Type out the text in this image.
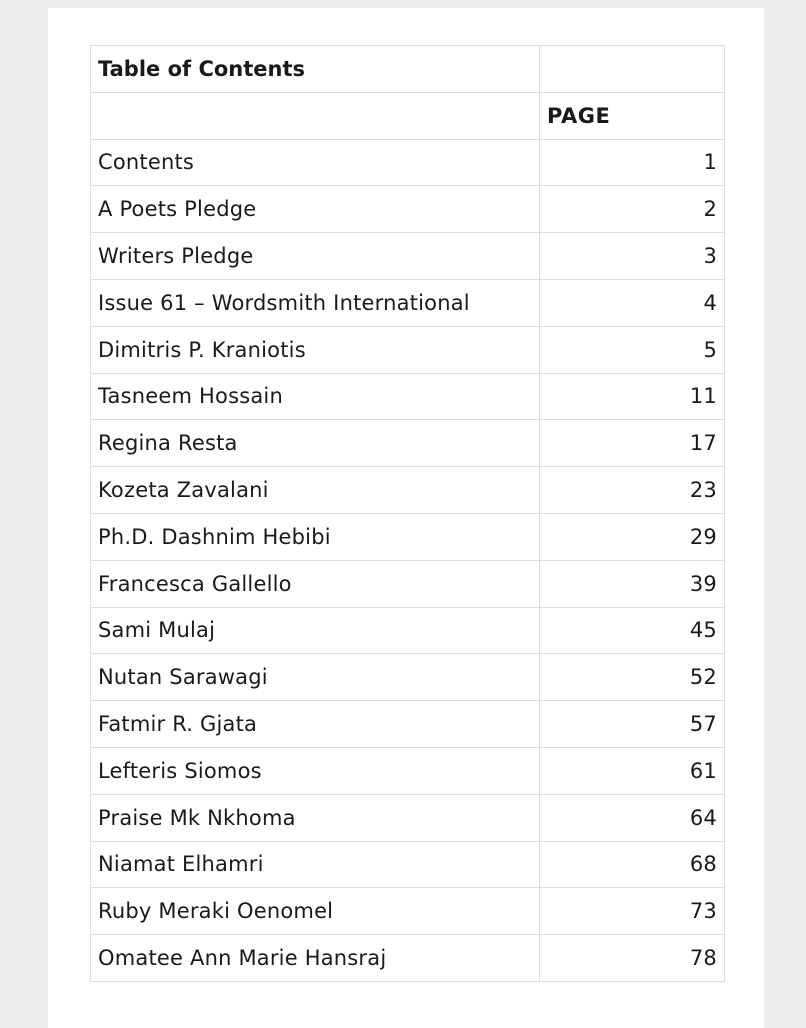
Table of Contents	
	PAGE
Contents	1
A Poets Pledge	2
Writers Pledge	3
Issue 61 – Wordsmith International	4
Dimitris P. Kraniotis	5
Tasneem Hossain	11
Regina Resta	17
Kozeta Zavalani	23
Ph.D. Dashnim Hebibi	29
Francesca Gallello	39
Sami Mulaj	45
Nutan Sarawagi	52
Fatmir R. Gjata	57
Lefteris Siomos	61
Praise Mk Nkhoma	64
Niamat Elhamri	68
Ruby Meraki Oenomel	73
Omatee Ann Marie Hansraj	78
